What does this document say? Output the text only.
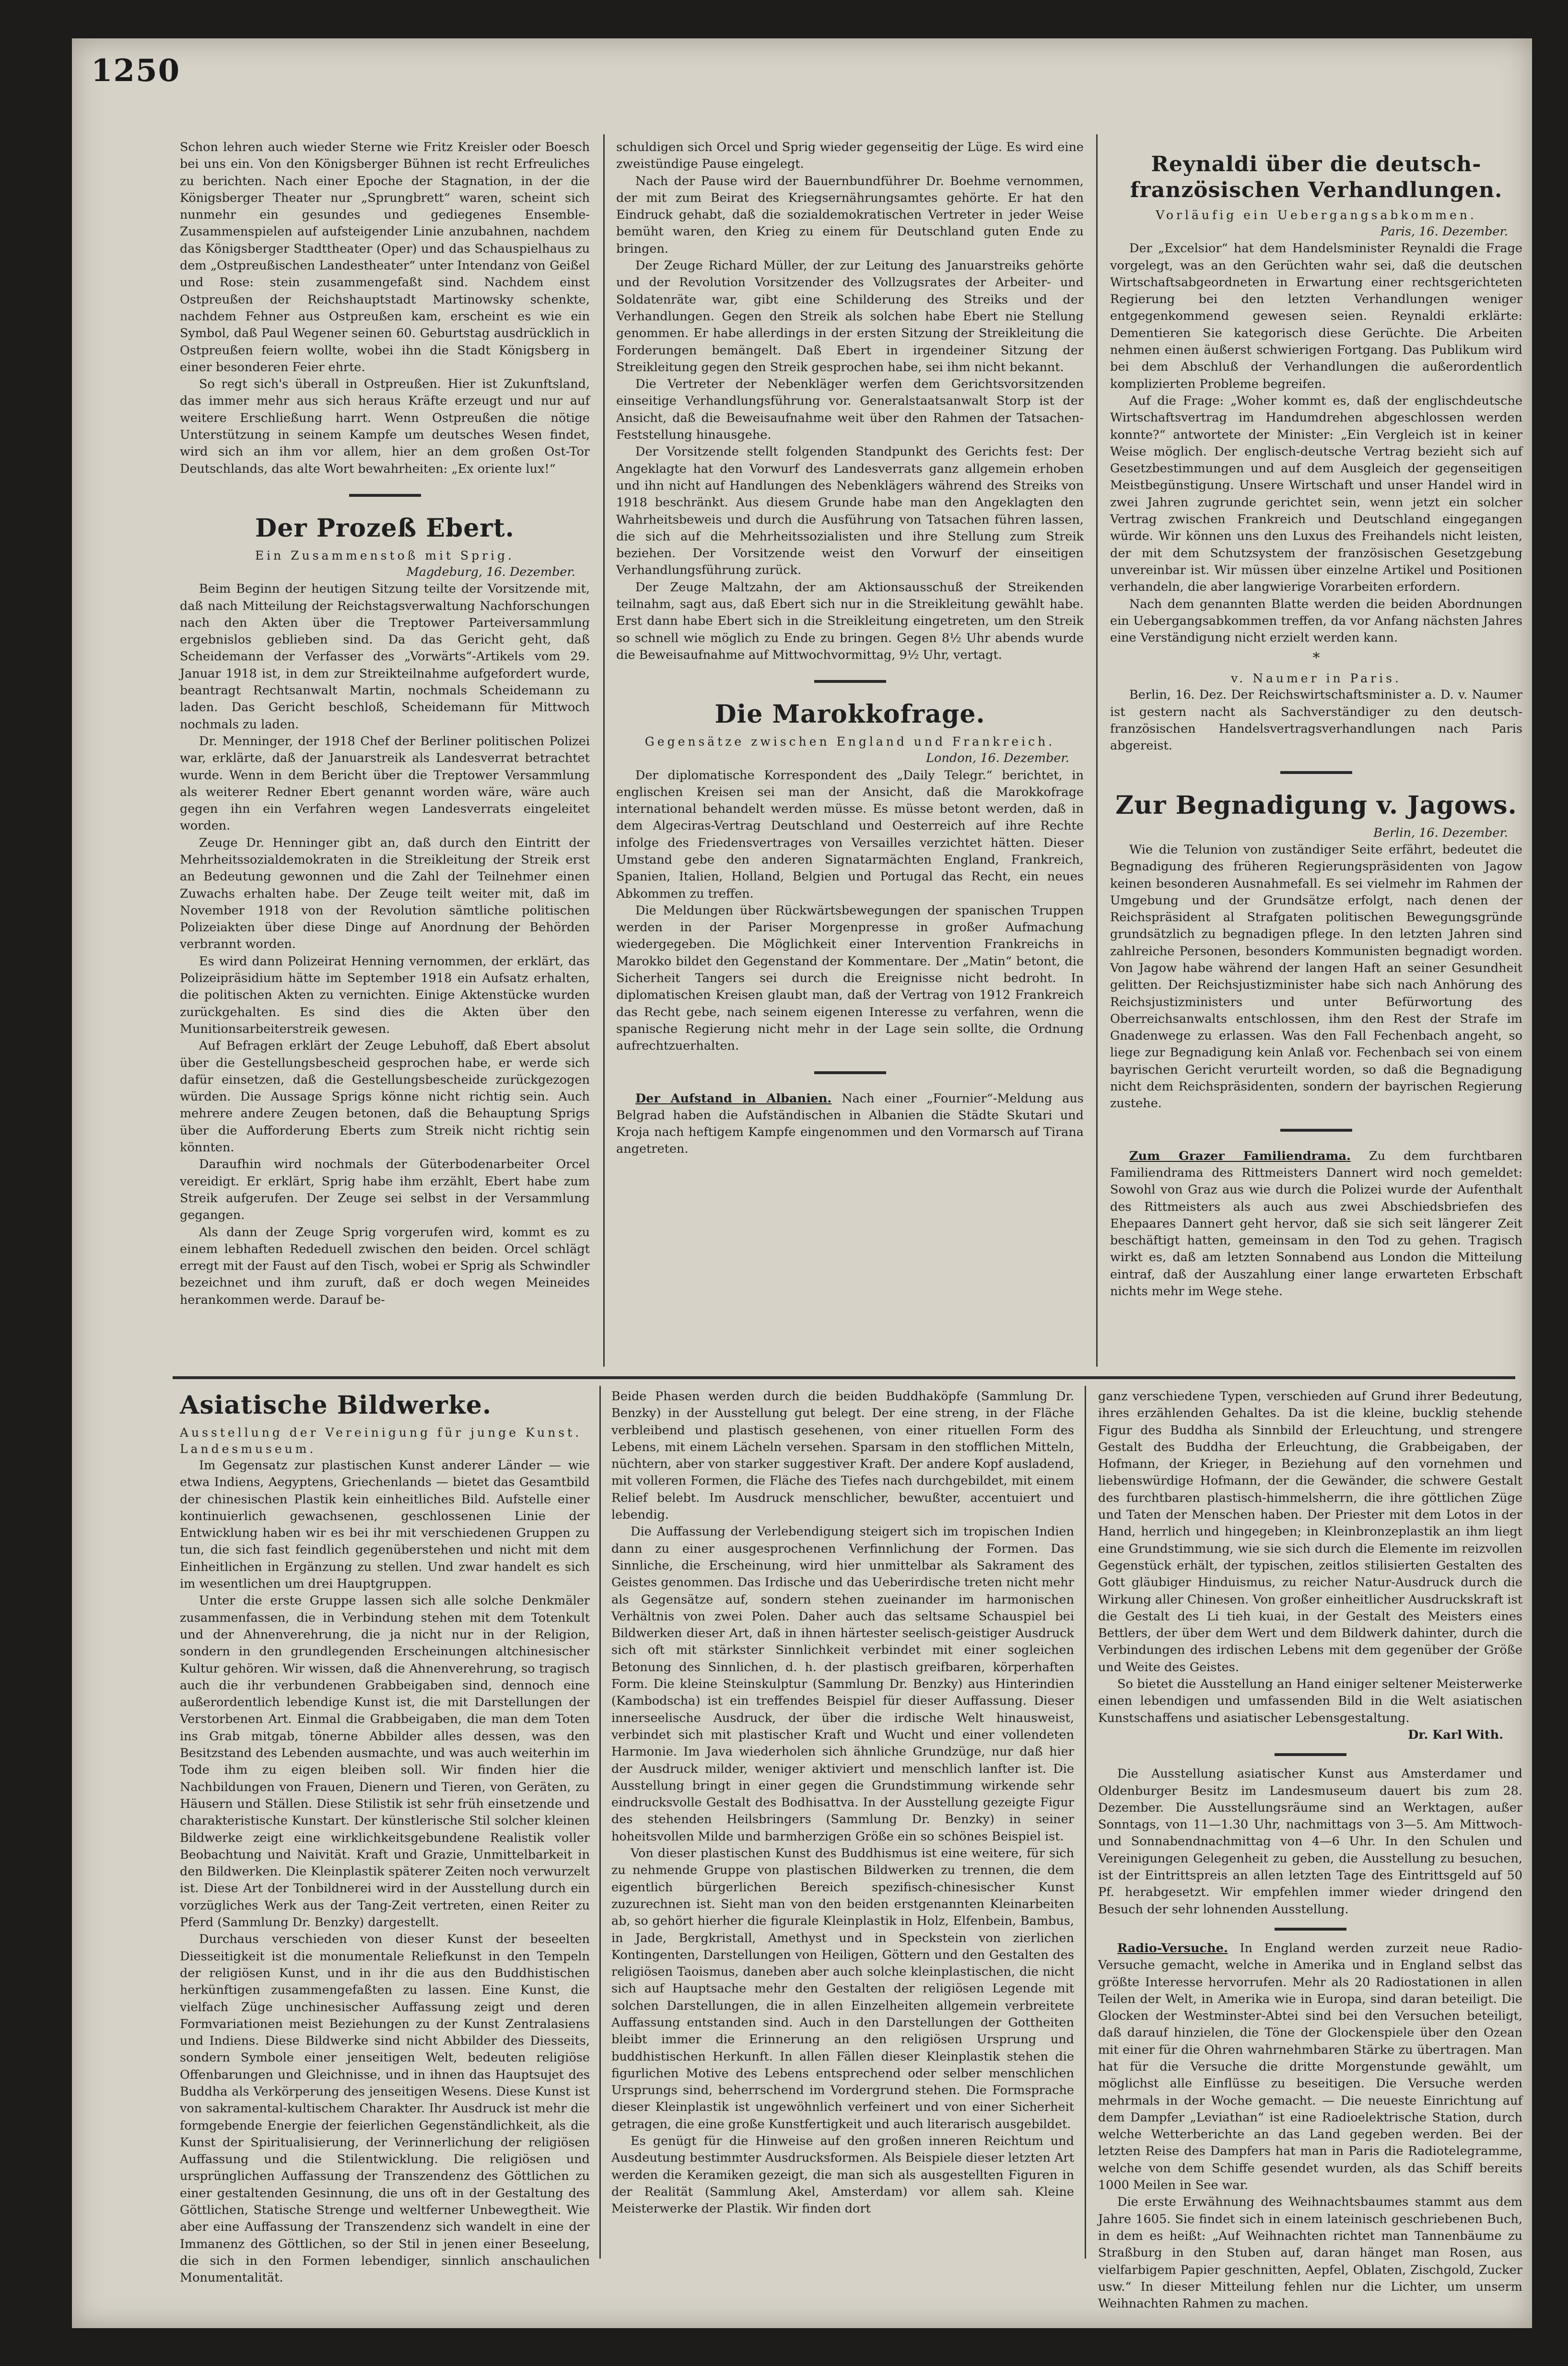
1250

Schon lehren auch wieder Sterne wie Fritz Kreisler oder Boesch bei uns ein. Von den Königsberger Bühnen ist recht Erfreuliches zu berichten. Nach einer Epoche der Stagnation, in der die Königsberger Theater nur „Sprungbrett“ waren, scheint sich nunmehr ein gesundes und gediegenes Ensemble-Zusammenspielen auf aufsteigender Linie anzubahnen, nachdem das Königsberger Stadttheater (Oper) und das Schauspielhaus zu dem „Ostpreußischen Landestheater“ unter Intendanz von Geißel und Rose: stein zusammengefaßt sind. Nachdem einst Ostpreußen der Reichshauptstadt Martinowsky schenkte, nachdem Fehner aus Ostpreußen kam, erscheint es wie ein Symbol, daß Paul Wegener seinen 60. Geburtstag ausdrücklich in Ostpreußen feiern wollte, wobei ihn die Stadt Königsberg in einer besonderen Feier ehrte.

So regt sich's überall in Ostpreußen. Hier ist Zukunftsland, das immer mehr aus sich heraus Kräfte erzeugt und nur auf weitere Erschließung harrt. Wenn Ostpreußen die nötige Unterstützung in seinem Kampfe um deutsches Wesen findet, wird sich an ihm vor allem, hier an dem großen Ost-Tor Deutschlands, das alte Wort bewahrheiten: „Ex oriente lux!“

Der Prozeß Ebert.
Ein Zusammenstoß mit Sprig.
Magdeburg, 16. Dezember.

Beim Beginn der heutigen Sitzung teilte der Vorsitzende mit, daß nach Mitteilung der Reichstagsverwaltung Nachforschungen nach den Akten über die Treptower Parteiversammlung ergebnislos geblieben sind. Da das Gericht geht, daß Scheidemann der Verfasser des „Vorwärts“-Artikels vom 29. Januar 1918 ist, in dem zur Streikteilnahme aufgefordert wurde, beantragt Rechtsanwalt Martin, nochmals Scheidemann zu laden. Das Gericht beschloß, Scheidemann für Mittwoch nochmals zu laden.

Dr. Menninger, der 1918 Chef der Berliner politischen Polizei war, erklärte, daß der Januarstreik als Landesverrat betrachtet wurde. Wenn in dem Bericht über die Treptower Versammlung als weiterer Redner Ebert genannt worden wäre, wäre auch gegen ihn ein Verfahren wegen Landesverrats eingeleitet worden.

Zeuge Dr. Henninger gibt an, daß durch den Eintritt der Mehrheitssozialdemokraten in die Streikleitung der Streik erst an Bedeutung gewonnen und die Zahl der Teilnehmer einen Zuwachs erhalten habe. Der Zeuge teilt weiter mit, daß im November 1918 von der Revolution sämtliche politischen Polizeiakten über diese Dinge auf Anordnung der Behörden verbrannt worden.

Es wird dann Polizeirat Henning vernommen, der erklärt, das Polizeipräsidium hätte im September 1918 ein Aufsatz erhalten, die politischen Akten zu vernichten. Einige Aktenstücke wurden zurückgehalten. Es sind dies die Akten über den Munitionsarbeiterstreik gewesen.

Auf Befragen erklärt der Zeuge Lebuhoff, daß Ebert absolut über die Gestellungsbescheid gesprochen habe, er werde sich dafür einsetzen, daß die Gestellungsbescheide zurückgezogen würden. Die Aussage Sprigs könne nicht richtig sein. Auch mehrere andere Zeugen betonen, daß die Behauptung Sprigs über die Aufforderung Eberts zum Streik nicht richtig sein könnten.

Daraufhin wird nochmals der Güterbodenarbeiter Orcel vereidigt. Er erklärt, Sprig habe ihm erzählt, Ebert habe zum Streik aufgerufen. Der Zeuge sei selbst in der Versammlung gegangen.

Als dann der Zeuge Sprig vorgerufen wird, kommt es zu einem lebhaften Rededuell zwischen den beiden. Orcel schlägt erregt mit der Faust auf den Tisch, wobei er Sprig als Schwindler bezeichnet und ihm zuruft, daß er doch wegen Meineides herankommen werde. Darauf be-

schuldigen sich Orcel und Sprig wieder gegenseitig der Lüge. Es wird eine zweistündige Pause eingelegt.

Nach der Pause wird der Bauernbundführer Dr. Boehme vernommen, der mit zum Beirat des Kriegsernährungsamtes gehörte. Er hat den Eindruck gehabt, daß die sozialdemokratischen Vertreter in jeder Weise bemüht waren, den Krieg zu einem für Deutschland guten Ende zu bringen.

Der Zeuge Richard Müller, der zur Leitung des Januarstreiks gehörte und der Revolution Vorsitzender des Vollzugsrates der Arbeiter- und Soldatenräte war, gibt eine Schilderung des Streiks und der Verhandlungen. Gegen den Streik als solchen habe Ebert nie Stellung genommen. Er habe allerdings in der ersten Sitzung der Streikleitung die Forderungen bemängelt. Daß Ebert in irgendeiner Sitzung der Streikleitung gegen den Streik gesprochen habe, sei ihm nicht bekannt.

Die Vertreter der Nebenkläger werfen dem Gerichtsvorsitzenden einseitige Verhandlungsführung vor. Generalstaatsanwalt Storp ist der Ansicht, daß die Beweisaufnahme weit über den Rahmen der Tatsachen-Feststellung hinausgehe.

Der Vorsitzende stellt folgenden Standpunkt des Gerichts fest: Der Angeklagte hat den Vorwurf des Landesverrats ganz allgemein erhoben und ihn nicht auf Handlungen des Nebenklägers während des Streiks von 1918 beschränkt. Aus diesem Grunde habe man den Angeklagten den Wahrheitsbeweis und durch die Ausführung von Tatsachen führen lassen, die sich auf die Mehrheitssozialisten und ihre Stellung zum Streik beziehen. Der Vorsitzende weist den Vorwurf der einseitigen Verhandlungsführung zurück.

Der Zeuge Maltzahn, der am Aktionsausschuß der Streikenden teilnahm, sagt aus, daß Ebert sich nur in die Streikleitung gewählt habe. Erst dann habe Ebert sich in die Streikleitung eingetreten, um den Streik so schnell wie möglich zu Ende zu bringen. Gegen 8½ Uhr abends wurde die Beweisaufnahme auf Mittwochvormittag, 9½ Uhr, vertagt.

Die Marokkofrage.
Gegensätze zwischen England und Frankreich.
London, 16. Dezember.

Der diplomatische Korrespondent des „Daily Telegr.“ berichtet, in englischen Kreisen sei man der Ansicht, daß die Marokkofrage international behandelt werden müsse. Es müsse betont werden, daß in dem Algeciras-Vertrag Deutschland und Oesterreich auf ihre Rechte infolge des Friedensvertrages von Versailles verzichtet hätten. Dieser Umstand gebe den anderen Signatarmächten England, Frankreich, Spanien, Italien, Holland, Belgien und Portugal das Recht, ein neues Abkommen zu treffen.

Die Meldungen über Rückwärtsbewegungen der spanischen Truppen werden in der Pariser Morgenpresse in großer Aufmachung wiedergegeben. Die Möglichkeit einer Intervention Frankreichs in Marokko bildet den Gegenstand der Kommentare. Der „Matin“ betont, die Sicherheit Tangers sei durch die Ereignisse nicht bedroht. In diplomatischen Kreisen glaubt man, daß der Vertrag von 1912 Frankreich das Recht gebe, nach seinem eigenen Interesse zu verfahren, wenn die spanische Regierung nicht mehr in der Lage sein sollte, die Ordnung aufrechtzuerhalten.

Der Aufstand in Albanien. Nach einer „Fournier“-Meldung aus Belgrad haben die Aufständischen in Albanien die Städte Skutari und Kroja nach heftigem Kampfe eingenommen und den Vormarsch auf Tirana angetreten.

Reynaldi über die deutsch-französischen Verhandlungen.
Vorläufig ein Uebergangsabkommen.
Paris, 16. Dezember.

Der „Excelsior“ hat dem Handelsminister Reynaldi die Frage vorgelegt, was an den Gerüchten wahr sei, daß die deutschen Wirtschaftsabgeordneten in Erwartung einer rechtsgerichteten Regierung bei den letzten Verhandlungen weniger entgegenkommend gewesen seien. Reynaldi erklärte: Dementieren Sie kategorisch diese Gerüchte. Die Arbeiten nehmen einen äußerst schwierigen Fortgang. Das Publikum wird bei dem Abschluß der Verhandlungen die außerordentlich komplizierten Probleme begreifen.

Auf die Frage: „Woher kommt es, daß der englischdeutsche Wirtschaftsvertrag im Handumdrehen abgeschlossen werden konnte?“ antwortete der Minister: „Ein Vergleich ist in keiner Weise möglich. Der englisch-deutsche Vertrag bezieht sich auf Gesetzbestimmungen und auf dem Ausgleich der gegenseitigen Meistbegünstigung. Unsere Wirtschaft und unser Handel wird in zwei Jahren zugrunde gerichtet sein, wenn jetzt ein solcher Vertrag zwischen Frankreich und Deutschland eingegangen würde. Wir können uns den Luxus des Freihandels nicht leisten, der mit dem Schutzsystem der französischen Gesetzgebung unvereinbar ist. Wir müssen über einzelne Artikel und Positionen verhandeln, die aber langwierige Vorarbeiten erfordern.

Nach dem genannten Blatte werden die beiden Abordnungen ein Uebergangsabkommen treffen, da vor Anfang nächsten Jahres eine Verständigung nicht erzielt werden kann.

*
v. Naumer in Paris.

Berlin, 16. Dez. Der Reichswirtschaftsminister a. D. v. Naumer ist gestern nacht als Sachverständiger zu den deutsch-französischen Handelsvertragsverhandlungen nach Paris abgereist.

Zur Begnadigung v. Jagows.
Berlin, 16. Dezember.

Wie die Telunion von zuständiger Seite erfährt, bedeutet die Begnadigung des früheren Regierungspräsidenten von Jagow keinen besonderen Ausnahmefall. Es sei vielmehr im Rahmen der Umgebung und der Grundsätze erfolgt, nach denen der Reichspräsident al Strafgaten politischen Bewegungsgründe grundsätzlich zu begnadigen pflege. In den letzten Jahren sind zahlreiche Personen, besonders Kommunisten begnadigt worden. Von Jagow habe während der langen Haft an seiner Gesundheit gelitten. Der Reichsjustizminister habe sich nach Anhörung des Reichsjustizministers und unter Befürwortung des Oberreichsanwalts entschlossen, ihm den Rest der Strafe im Gnadenwege zu erlassen. Was den Fall Fechenbach angeht, so liege zur Begnadigung kein Anlaß vor. Fechenbach sei von einem bayrischen Gericht verurteilt worden, so daß die Begnadigung nicht dem Reichspräsidenten, sondern der bayrischen Regierung zustehe.

Zum Grazer Familiendrama. Zu dem furchtbaren Familiendrama des Rittmeisters Dannert wird noch gemeldet: Sowohl von Graz aus wie durch die Polizei wurde der Aufenthalt des Rittmeisters als auch aus zwei Abschiedsbriefen des Ehepaares Dannert geht hervor, daß sie sich seit längerer Zeit beschäftigt hatten, gemeinsam in den Tod zu gehen. Tragisch wirkt es, daß am letzten Sonnabend aus London die Mitteilung eintraf, daß der Auszahlung einer lange erwarteten Erbschaft nichts mehr im Wege stehe.

Asiatische Bildwerke.
Ausstellung der Vereinigung für junge Kunst. Landesmuseum.

Im Gegensatz zur plastischen Kunst anderer Länder — wie etwa Indiens, Aegyptens, Griechenlands — bietet das Gesamtbild der chinesischen Plastik kein einheitliches Bild. Aufstelle einer kontinuierlich gewachsenen, geschlossenen Linie der Entwicklung haben wir es bei ihr mit verschiedenen Gruppen zu tun, die sich fast feindlich gegenüberstehen und nicht mit dem Einheitlichen in Ergänzung zu stellen. Und zwar handelt es sich im wesentlichen um drei Hauptgruppen.

Unter die erste Gruppe lassen sich alle solche Denkmäler zusammenfassen, die in Verbindung stehen mit dem Totenkult und der Ahnenverehrung, die ja nicht nur in der Religion, sondern in den grundlegenden Erscheinungen altchinesischer Kultur gehören. Wir wissen, daß die Ahnenverehrung, so tragisch auch die ihr verbundenen Grabbeigaben sind, dennoch eine außerordentlich lebendige Kunst ist, die mit Darstellungen der Verstorbenen Art. Einmal die Grabbeigaben, die man dem Toten ins Grab mitgab, tönerne Abbilder alles dessen, was den Besitzstand des Lebenden ausmachte, und was auch weiterhin im Tode ihm zu eigen bleiben soll. Wir finden hier die Nachbildungen von Frauen, Dienern und Tieren, von Geräten, zu Häusern und Ställen. Diese Stilistik ist sehr früh einsetzende und charakteristische Kunstart. Der künstlerische Stil solcher kleinen Bildwerke zeigt eine wirklichkeitsgebundene Realistik voller Beobachtung und Naivität. Kraft und Grazie, Unmittelbarkeit in den Bildwerken. Die Kleinplastik späterer Zeiten noch verwurzelt ist. Diese Art der Tonbildnerei wird in der Ausstellung durch ein vorzügliches Werk aus der Tang-Zeit vertreten, einen Reiter zu Pferd (Sammlung Dr. Benzky) dargestellt.

Durchaus verschieden von dieser Kunst der beseelten Diesseitigkeit ist die monumentale Reliefkunst in den Tempeln der religiösen Kunst, und in ihr die aus den Buddhistischen herkünftigen zusammengefaßten zu lassen. Eine Kunst, die vielfach Züge unchinesischer Auffassung zeigt und deren Formvariationen meist Beziehungen zu der Kunst Zentralasiens und Indiens. Diese Bildwerke sind nicht Abbilder des Diesseits, sondern Symbole einer jenseitigen Welt, bedeuten religiöse Offenbarungen und Gleichnisse, und in ihnen das Hauptsujet des Buddha als Verkörperung des jenseitigen Wesens. Diese Kunst ist von sakramental-kultischem Charakter. Ihr Ausdruck ist mehr die formgebende Energie der feierlichen Gegenständlichkeit, als die Kunst der Spiritualisierung, der Verinnerlichung der religiösen Auffassung und die Stilentwicklung. Die religiösen und ursprünglichen Auffassung der Transzendenz des Göttlichen zu einer gestaltenden Gesinnung, die uns oft in der Gestaltung des Göttlichen, Statische Strenge und weltferner Unbewegtheit. Wie aber eine Auffassung der Transzendenz sich wandelt in eine der Immanenz des Göttlichen, so der Stil in jenen einer Beseelung, die sich in den Formen lebendiger, sinnlich anschaulichen Monumentalität.

Beide Phasen werden durch die beiden Buddhaköpfe (Sammlung Dr. Benzky) in der Ausstellung gut belegt. Der eine streng, in der Fläche verbleibend und plastisch gesehenen, von einer rituellen Form des Lebens, mit einem Lächeln versehen. Sparsam in den stofflichen Mitteln, nüchtern, aber von starker suggestiver Kraft. Der andere Kopf ausladend, mit volleren Formen, die Fläche des Tiefes nach durchgebildet, mit einem Relief belebt. Im Ausdruck menschlicher, bewußter, accentuiert und lebendig.

Die Auffassung der Verlebendigung steigert sich im tropischen Indien dann zu einer ausgesprochenen Verfinnlichung der Formen. Das Sinnliche, die Erscheinung, wird hier unmittelbar als Sakrament des Geistes genommen. Das Irdische und das Ueberirdische treten nicht mehr als Gegensätze auf, sondern stehen zueinander im harmonischen Verhältnis von zwei Polen. Daher auch das seltsame Schauspiel bei Bildwerken dieser Art, daß in ihnen härtester seelisch-geistiger Ausdruck sich oft mit stärkster Sinnlichkeit verbindet mit einer sogleichen Betonung des Sinnlichen, d. h. der plastisch greifbaren, körperhaften Form. Die kleine Steinskulptur (Sammlung Dr. Benzky) aus Hinterindien (Kambodscha) ist ein treffendes Beispiel für dieser Auffassung. Dieser innerseelische Ausdruck, der über die irdische Welt hinausweist, verbindet sich mit plastischer Kraft und Wucht und einer vollendeten Harmonie. Im Java wiederholen sich ähnliche Grundzüge, nur daß hier der Ausdruck milder, weniger aktiviert und menschlich lanfter ist. Die Ausstellung bringt in einer gegen die Grundstimmung wirkende sehr eindrucksvolle Gestalt des Bodhisattva. In der Ausstellung gezeigte Figur des stehenden Heilsbringers (Sammlung Dr. Benzky) in seiner hoheitsvollen Milde und barmherzigen Größe ein so schönes Beispiel ist.

Von dieser plastischen Kunst des Buddhismus ist eine weitere, für sich zu nehmende Gruppe von plastischen Bildwerken zu trennen, die dem eigentlich bürgerlichen Bereich spezifisch-chinesischer Kunst zuzurechnen ist. Sieht man von den beiden erstgenannten Kleinarbeiten ab, so gehört hierher die figurale Kleinplastik in Holz, Elfenbein, Bambus, in Jade, Bergkristall, Amethyst und in Speckstein von zierlichen Kontingenten, Darstellungen von Heiligen, Göttern und den Gestalten des religiösen Taoismus, daneben aber auch solche kleinplastischen, die nicht sich auf Hauptsache mehr den Gestalten der religiösen Legende mit solchen Darstellungen, die in allen Einzelheiten allgemein verbreitete Auffassung entstanden sind. Auch in den Darstellungen der Gottheiten bleibt immer die Erinnerung an den religiösen Ursprung und buddhistischen Herkunft. In allen Fällen dieser Kleinplastik stehen die figurlichen Motive des Lebens entsprechend oder selber menschlichen Ursprungs sind, beherrschend im Vordergrund stehen. Die Formsprache dieser Kleinplastik ist ungewöhnlich verfeinert und von einer Sicherheit getragen, die eine große Kunstfertigkeit und auch literarisch ausgebildet.

Es genügt für die Hinweise auf den großen inneren Reichtum und Ausdeutung bestimmter Ausdrucksformen. Als Beispiele dieser letzten Art werden die Keramiken gezeigt, die man sich als ausgestellten Figuren in der Realität (Sammlung Akel, Amsterdam) vor allem sah. Kleine Meisterwerke der Plastik. Wir finden dort

ganz verschiedene Typen, verschieden auf Grund ihrer Bedeutung, ihres erzählenden Gehaltes. Da ist die kleine, bucklig stehende Figur des Buddha als Sinnbild der Erleuchtung, und strengere Gestalt des Buddha der Erleuchtung, die Grabbeigaben, der Hofmann, der Krieger, in Beziehung auf den vornehmen und liebenswürdige Hofmann, der die Gewänder, die schwere Gestalt des furchtbaren plastisch-himmelsherrn, die ihre göttlichen Züge und Taten der Menschen haben. Der Priester mit dem Lotos in der Hand, herrlich und hingegeben; in Kleinbronzeplastik an ihm liegt eine Grundstimmung, wie sie sich durch die Elemente im reizvollen Gegenstück erhält, der typischen, zeitlos stilisierten Gestalten des Gott gläubiger Hinduismus, zu reicher Natur-Ausdruck durch die Wirkung aller Chinesen. Von großer einheitlicher Ausdruckskraft ist die Gestalt des Li tieh kuai, in der Gestalt des Meisters eines Bettlers, der über dem Wert und dem Bildwerk dahinter, durch die Verbindungen des irdischen Lebens mit dem gegenüber der Größe und Weite des Geistes.

So bietet die Ausstellung an Hand einiger seltener Meisterwerke einen lebendigen und umfassenden Bild in die Welt asiatischen Kunstschaffens und asiatischer Lebensgestaltung.

Dr. Karl With.

Die Ausstellung asiatischer Kunst aus Amsterdamer und Oldenburger Besitz im Landesmuseum dauert bis zum 28. Dezember. Die Ausstellungsräume sind an Werktagen, außer Sonntags, von 11—1.30 Uhr, nachmittags von 3—5. Am Mittwoch- und Sonnabendnachmittag von 4—6 Uhr. In den Schulen und Vereinigungen Gelegenheit zu geben, die Ausstellung zu besuchen, ist der Eintrittspreis an allen letzten Tage des Eintrittsgeld auf 50 Pf. herabgesetzt. Wir empfehlen immer wieder dringend den Besuch der sehr lohnenden Ausstellung.

Radio-Versuche. In England werden zurzeit neue Radio-Versuche gemacht, welche in Amerika und in England selbst das größte Interesse hervorrufen. Mehr als 20 Radiostationen in allen Teilen der Welt, in Amerika wie in Europa, sind daran beteiligt. Die Glocken der Westminster-Abtei sind bei den Versuchen beteiligt, daß darauf hinzielen, die Töne der Glockenspiele über den Ozean mit einer für die Ohren wahrnehmbaren Stärke zu übertragen. Man hat für die Versuche die dritte Morgenstunde gewählt, um möglichst alle Einflüsse zu beseitigen. Die Versuche werden mehrmals in der Woche gemacht. — Die neueste Einrichtung auf dem Dampfer „Leviathan“ ist eine Radioelektrische Station, durch welche Wetterberichte an das Land gegeben werden. Bei der letzten Reise des Dampfers hat man in Paris die Radiotelegramme, welche von dem Schiffe gesendet wurden, als das Schiff bereits 1000 Meilen in See war.

Die erste Erwähnung des Weihnachtsbaumes stammt aus dem Jahre 1605. Sie findet sich in einem lateinisch geschriebenen Buch, in dem es heißt: „Auf Weihnachten richtet man Tannenbäume zu Straßburg in den Stuben auf, daran hänget man Rosen, aus vielfarbigem Papier geschnitten, Aepfel, Oblaten, Zischgold, Zucker usw.“ In dieser Mitteilung fehlen nur die Lichter, um unserm Weihnachten Rahmen zu machen.
